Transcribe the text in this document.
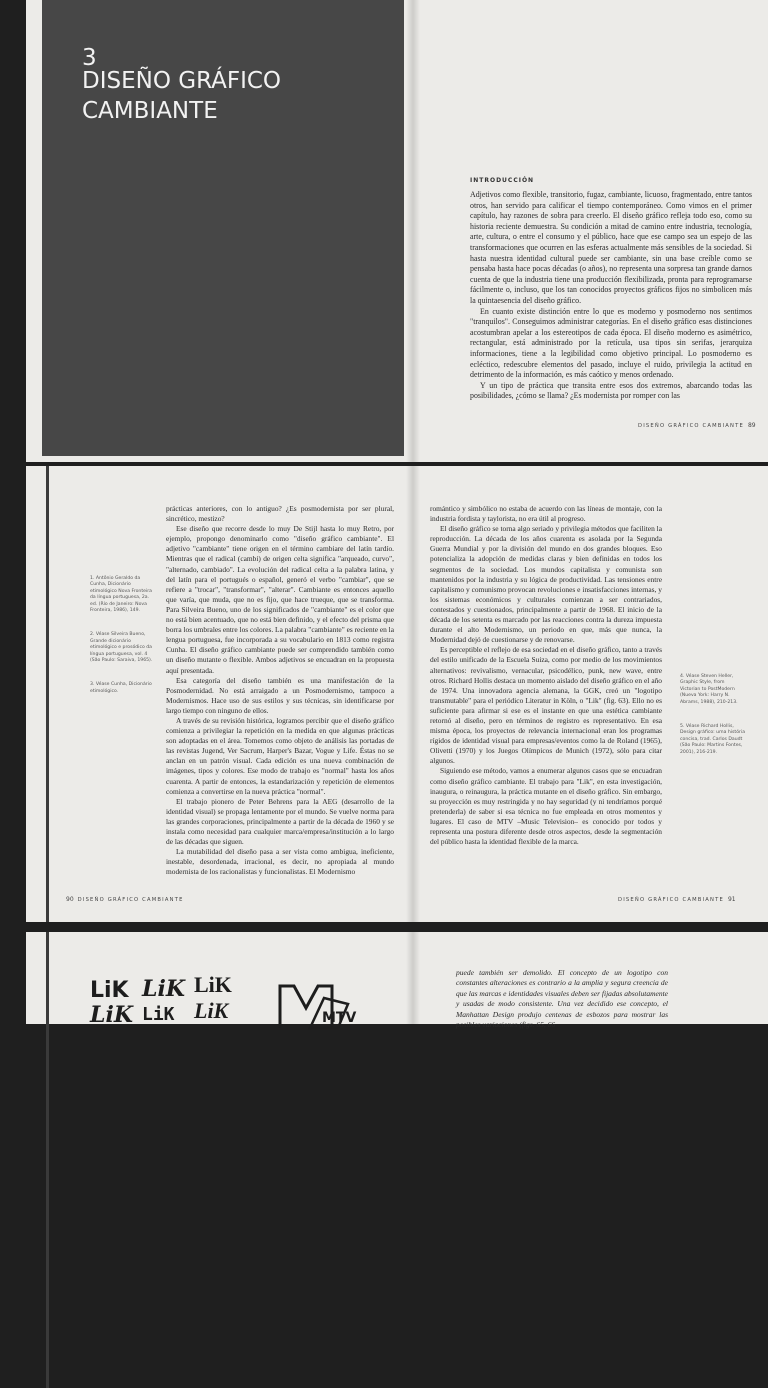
3
DISEÑO GRÁFICO
CAMBIANTE
INTRODUCCIÓN

Adjetivos como flexible, transitorio, fugaz, cambiante, licuoso, fragmentado, entre tantos otros, han servido para calificar el tiempo contemporáneo. Como vimos en el primer capítulo, hay razones de sobra para creerlo. El diseño gráfico refleja todo eso, como su historia reciente demuestra. Su condición a mitad de camino entre industria, tecnología, arte, cultura, o entre el consumo y el público, hace que ese campo sea un espejo de las transformaciones que ocurren en las esferas actualmente más sensibles de la sociedad. Si hasta nuestra identidad cultural puede ser cambiante, sin una base creíble como se pensaba hasta hace pocas décadas (o años), no representa una sorpresa tan grande darnos cuenta de que la industria tiene una producción flexibilizada, pronta para reprogramarse fácilmente o, incluso, que los tan conocidos proyectos gráficos fijos no simbolicen más la quintaesencia del diseño gráfico.

En cuanto existe distinción entre lo que es moderno y posmoderno nos sentimos "tranquilos". Conseguimos administrar categorías. En el diseño gráfico esas distinciones acostumbran apelar a los estereotipos de cada época. El diseño moderno es asimétrico, rectangular, está administrado por la retícula, usa tipos sin serifas, jerarquiza informaciones, tiene a la legibilidad como objetivo principal. Lo posmoderno es ecléctico, redescubre elementos del pasado, incluye el ruido, privilegia la actitud en detrimento de la información, es más caótico y menos ordenado.

Y un tipo de práctica que transita entre esos dos extremos, abarcando todas las posibilidades, ¿cómo se llama? ¿Es modernista por romper con las

DISEÑO GRÁFICO CAMBIANTE 89
1. Antônio Geraldo da Cunha, Dicionário etimológico Nova Fronteira da língua portuguesa, 2a. ed. (Río de Janeiro: Nova Fronteira, 1986), 149.
2. Véase Silveira Bueno, Grande dicionário etimológico e prosódico da língua portuguesa, vol. 4 (São Paulo: Saraiva, 1965).
3. Véase Cunha, Dicionário etimológico.

prácticas anteriores, con lo antiguo? ¿Es posmodernista por ser plural, sincrético, mestizo?

Ese diseño que recorre desde lo muy De Stijl hasta lo muy Retro, por ejemplo, propongo denominarlo como "diseño gráfico cambiante". El adjetivo "cambiante" tiene origen en el término cambiare del latín tardío. Mientras que el radical (cambi) de origen celta significa "arqueado, curvo", "alternado, cambiado". La evolución del radical celta a la palabra latina, y del latín para el portugués o español, generó el verbo "cambiar", que se refiere a "trocar", "transformar", "alterar". Cambiante es entonces aquello que varía, que muda, que no es fijo, que hace trueque, que se transforma. Para Silveira Bueno, uno de los significados de "cambiante" es el color que no está bien acentuado, que no está bien definido, y el efecto del prisma que borra los umbrales entre los colores. La palabra "cambiante" es reciente en la lengua portuguesa, fue incorporada a su vocabulario en 1813 como registra Cunha. El diseño gráfico cambiante puede ser comprendido también como un diseño mutante o flexible. Ambos adjetivos se encuadran en la propuesta aquí presentada.

Esa categoría del diseño también es una manifestación de la Posmodernidad. No está arraigado a un Posmodernismo, tampoco a Modernismos. Hace uso de sus estilos y sus técnicas, sin identificarse por largo tiempo con ninguno de ellos.

A través de su revisión histórica, logramos percibir que el diseño gráfico comienza a privilegiar la repetición en la medida en que algunas prácticas son adoptadas en el área. Tomemos como objeto de análisis las portadas de las revistas Jugend, Ver Sacrum, Harper's Bazar, Vogue y Life. Éstas no se anclan en un patrón visual. Cada edición es una nueva combinación de imágenes, tipos y colores. Ese modo de trabajo es "normal" hasta los años cuarenta. A partir de entonces, la estandarización y repetición de elementos comienza a convertirse en la nueva práctica "normal".

El trabajo pionero de Peter Behrens para la AEG (desarrollo de la identidad visual) se propaga lentamente por el mundo. Se vuelve norma para las grandes corporaciones, principalmente a partir de la década de 1960 y se instala como necesidad para cualquier marca/empresa/institución a lo largo de las décadas que siguen.

La mutabilidad del diseño pasa a ser vista como ambigua, ineficiente, inestable, desordenada, irracional, es decir, no apropiada al mundo modernista de los racionalistas y funcionalistas. El Modernismo

romántico y simbólico no estaba de acuerdo con las líneas de montaje, con la industria fordista y taylorista, no era útil al progreso.

El diseño gráfico se torna algo seriado y privilegia métodos que faciliten la reproducción. La década de los años cuarenta es asolada por la Segunda Guerra Mundial y por la división del mundo en dos grandes bloques. Eso potencializa la adopción de medidas claras y bien definidas en todos los segmentos de la sociedad. Los mundos capitalista y comunista son mantenidos por la industria y su lógica de productividad. Las tensiones entre capitalismo y comunismo provocan revoluciones e insatisfacciones internas, y los sistemas económicos y culturales comienzan a ser contrariados, contestados y cuestionados, principalmente a partir de 1968. El inicio de la década de los setenta es marcado por las reacciones contra la dureza impuesta durante el alto Modernismo, un periodo en que, más que nunca, la Modernidad dejó de cuestionarse y de renovarse.

Es perceptible el reflejo de esa sociedad en el diseño gráfico, tanto a través del estilo unificado de la Escuela Suiza, como por medio de los movimientos alternativos: revivalismo, vernacular, psicodélico, punk, new wave, entre otros. Richard Hollis destaca un momento aislado del diseño gráfico en el año de 1974. Una innovadora agencia alemana, la GGK, creó un "logotipo transmutable" para el periódico Literatur in Köln, o "Lik" (fig. 63). Ello no es suficiente para afirmar si ese es el instante en que una estética cambiante retornó al diseño, pero en términos de registro es representativo. En esa misma época, los proyectos de relevancia internacional eran los programas rígidos de identidad visual para empresas/eventos como la de Roland (1965), Olivetti (1970) y los Juegos Olímpicos de Munich (1972), sólo para citar algunos.

Siguiendo ese método, vamos a enumerar algunos casos que se encuadran como diseño gráfico cambiante. El trabajo para "Lik", en esta investigación, inaugura, o reinaugura, la práctica mutante en el diseño gráfico. Sin embargo, su proyección es muy restringida y no hay seguridad (y ni tendríamos porqué pretenderla) de saber si esa técnica no fue empleada en otros momentos y lugares. El caso de MTV –Music Television– es conocido por todos y representa una postura diferente desde otros aspectos, desde la segmentación del público hasta la identidad flexible de la marca.

4. Véase Steven Heller, Graphic Style, from Victorian to PostModern (Nueva York: Harry N. Abrams, 1988), 210-213.
5. Véase Richard Hollis, Design gráfico: uma história concisa, trad. Carlos Daudt (São Paulo: Martins Fontes, 2001), 216-219.
90 DISEÑO GRÁFICO CAMBIANTE	DISEÑO GRÁFICO CAMBIANTE 91
LiK LiK LiK
LiK LiK LiK	MTV

puede también ser demolido. El concepto de un logotipo con constantes alteraciones es contrario a la amplia y segura creencia de que las marcas e identidades visuales deben ser fijadas absolutamente y usadas de modo consistente. Una vez decidido ese concepto, el Manhattan Design produjo centenas de esbozos para mostrar las posibles variaciones (figs. 65, 66
